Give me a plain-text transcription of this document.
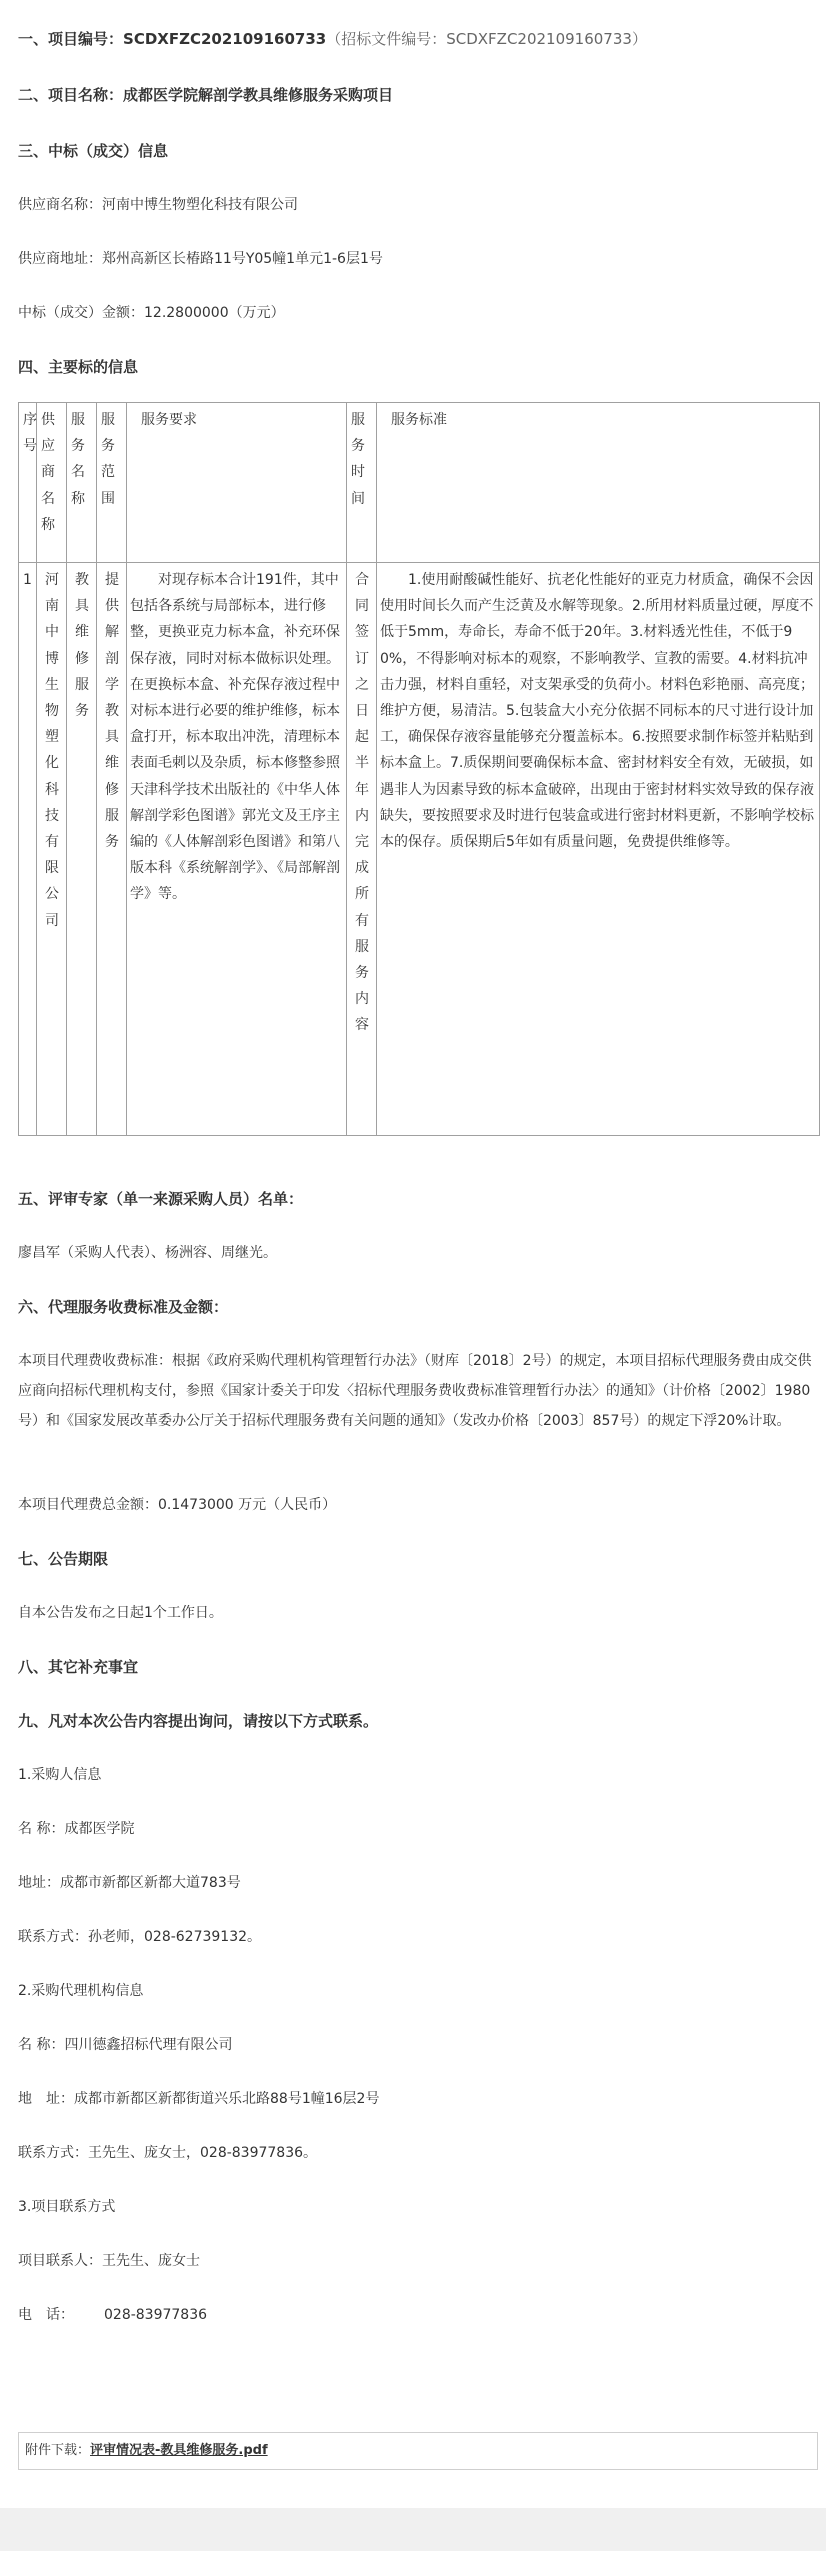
一、项目编号：SCDXFZC202109160733（招标文件编号：SCDXFZC202109160733）
二、项目名称：成都医学院解剖学教具维修服务采购项目
三、中标（成交）信息
供应商名称：河南中博生物塑化科技有限公司
供应商地址：郑州高新区长椿路11号Y05幢1单元1-6层1号
中标（成交）金额：12.2800000（万元）
四、主要标的信息
序号	供应商名称	服务名称	服务范围	服务要求	服务时间	服务标准
1	河南中博生物塑化科技有限公司	教具维修服务	提供解剖学教具维修服务	对现存标本合计191件，其中包括各系统与局部标本，进行修整，更换亚克力标本盒，补充环保保存液，同时对标本做标识处理。在更换标本盒、补充保存液过程中对标本进行必要的维护维修，标本盒打开，标本取出冲洗，清理标本表面毛刺以及杂质，标本修整参照天津科学技术出版社的《中华人体解剖学彩色图谱》郭光文及王序主编的《人体解剖彩色图谱》和第八版本科《系统解剖学》、《局部解剖学》等。	合同签订之日起半年内完成所有服务内容	1.使用耐酸碱性能好、抗老化性能好的亚克力材质盒，确保不会因使用时间长久而产生泛黄及水解等现象。2.所用材料质量过硬，厚度不低于5mm，寿命长，寿命不低于20年。3.材料透光性佳，不低于90%，不得影响对标本的观察，不影响教学、宣教的需要。4.材料抗冲击力强，材料自重轻，对支架承受的负荷小。材料色彩艳丽、高亮度；维护方便，易清洁。5.包装盒大小充分依据不同标本的尺寸进行设计加工，确保保存液容量能够充分覆盖标本。6.按照要求制作标签并粘贴到标本盒上。7.质保期间要确保标本盒、密封材料安全有效，无破损，如遇非人为因素导致的标本盒破碎，出现由于密封材料实效导致的保存液缺失，要按照要求及时进行包装盒或进行密封材料更新，不影响学校标本的保存。质保期后5年如有质量问题，免费提供维修等。
五、评审专家（单一来源采购人员）名单：
廖昌军（采购人代表）、杨洲容、周继光。
六、代理服务收费标准及金额：
本项目代理费收费标准：根据《政府采购代理机构管理暂行办法》（财库〔2018〕2号）的规定，本项目招标代理服务费由成交供应商向招标代理机构支付，参照《国家计委关于印发〈招标代理服务费收费标准管理暂行办法〉的通知》（计价格〔2002〕1980号）和《国家发展改革委办公厅关于招标代理服务费有关问题的通知》（发改办价格〔2003〕857号）的规定下浮20%计取。
本项目代理费总金额：0.1473000 万元（人民币）
七、公告期限
自本公告发布之日起1个工作日。
八、其它补充事宜
九、凡对本次公告内容提出询问，请按以下方式联系。
1.采购人信息
名 称：成都医学院
地址：成都市新都区新都大道783号
联系方式：孙老师，028-62739132。
2.采购代理机构信息
名 称：四川德鑫招标代理有限公司
地　址：成都市新都区新都街道兴乐北路88号1幢16层2号
联系方式：王先生、庞女士，028-83977836。
3.项目联系方式
项目联系人：王先生、庞女士
电　话： 028-83977836
附件下载：评审情况表-教具维修服务.pdf
